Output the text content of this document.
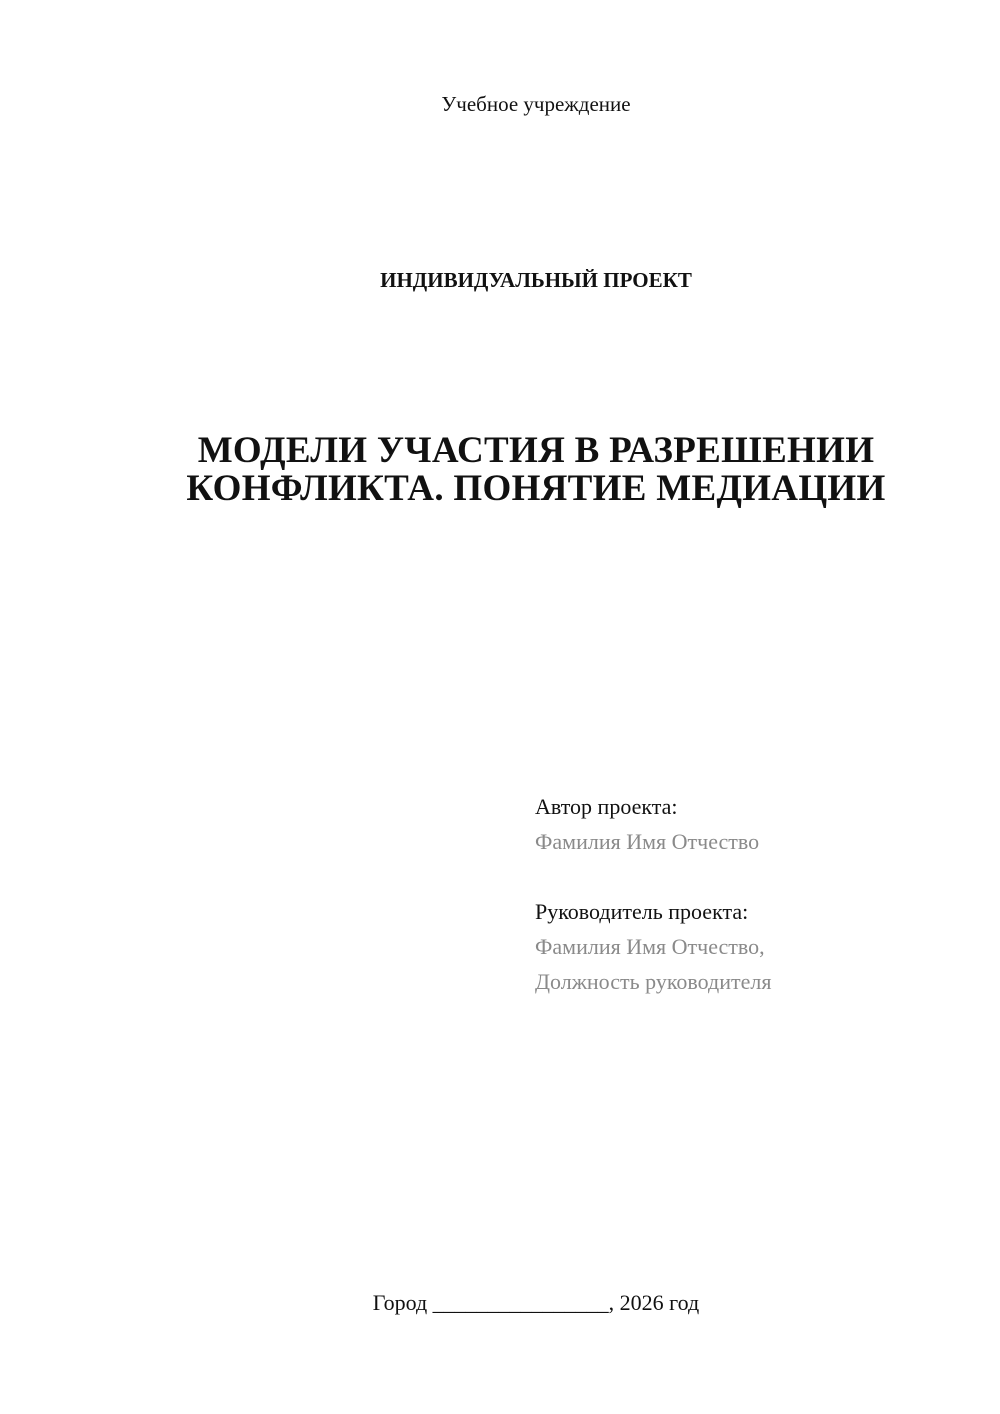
Учебное учреждение
ИНДИВИДУАЛЬНЫЙ ПРОЕКТ
МОДЕЛИ УЧАСТИЯ В РАЗРЕШЕНИИ
КОНФЛИКТА. ПОНЯТИЕ МЕДИАЦИИ
Автор проекта:
Фамилия Имя Отчество
Руководитель проекта:
Фамилия Имя Отчество,
Должность руководителя
Город ________________, 2026 год
